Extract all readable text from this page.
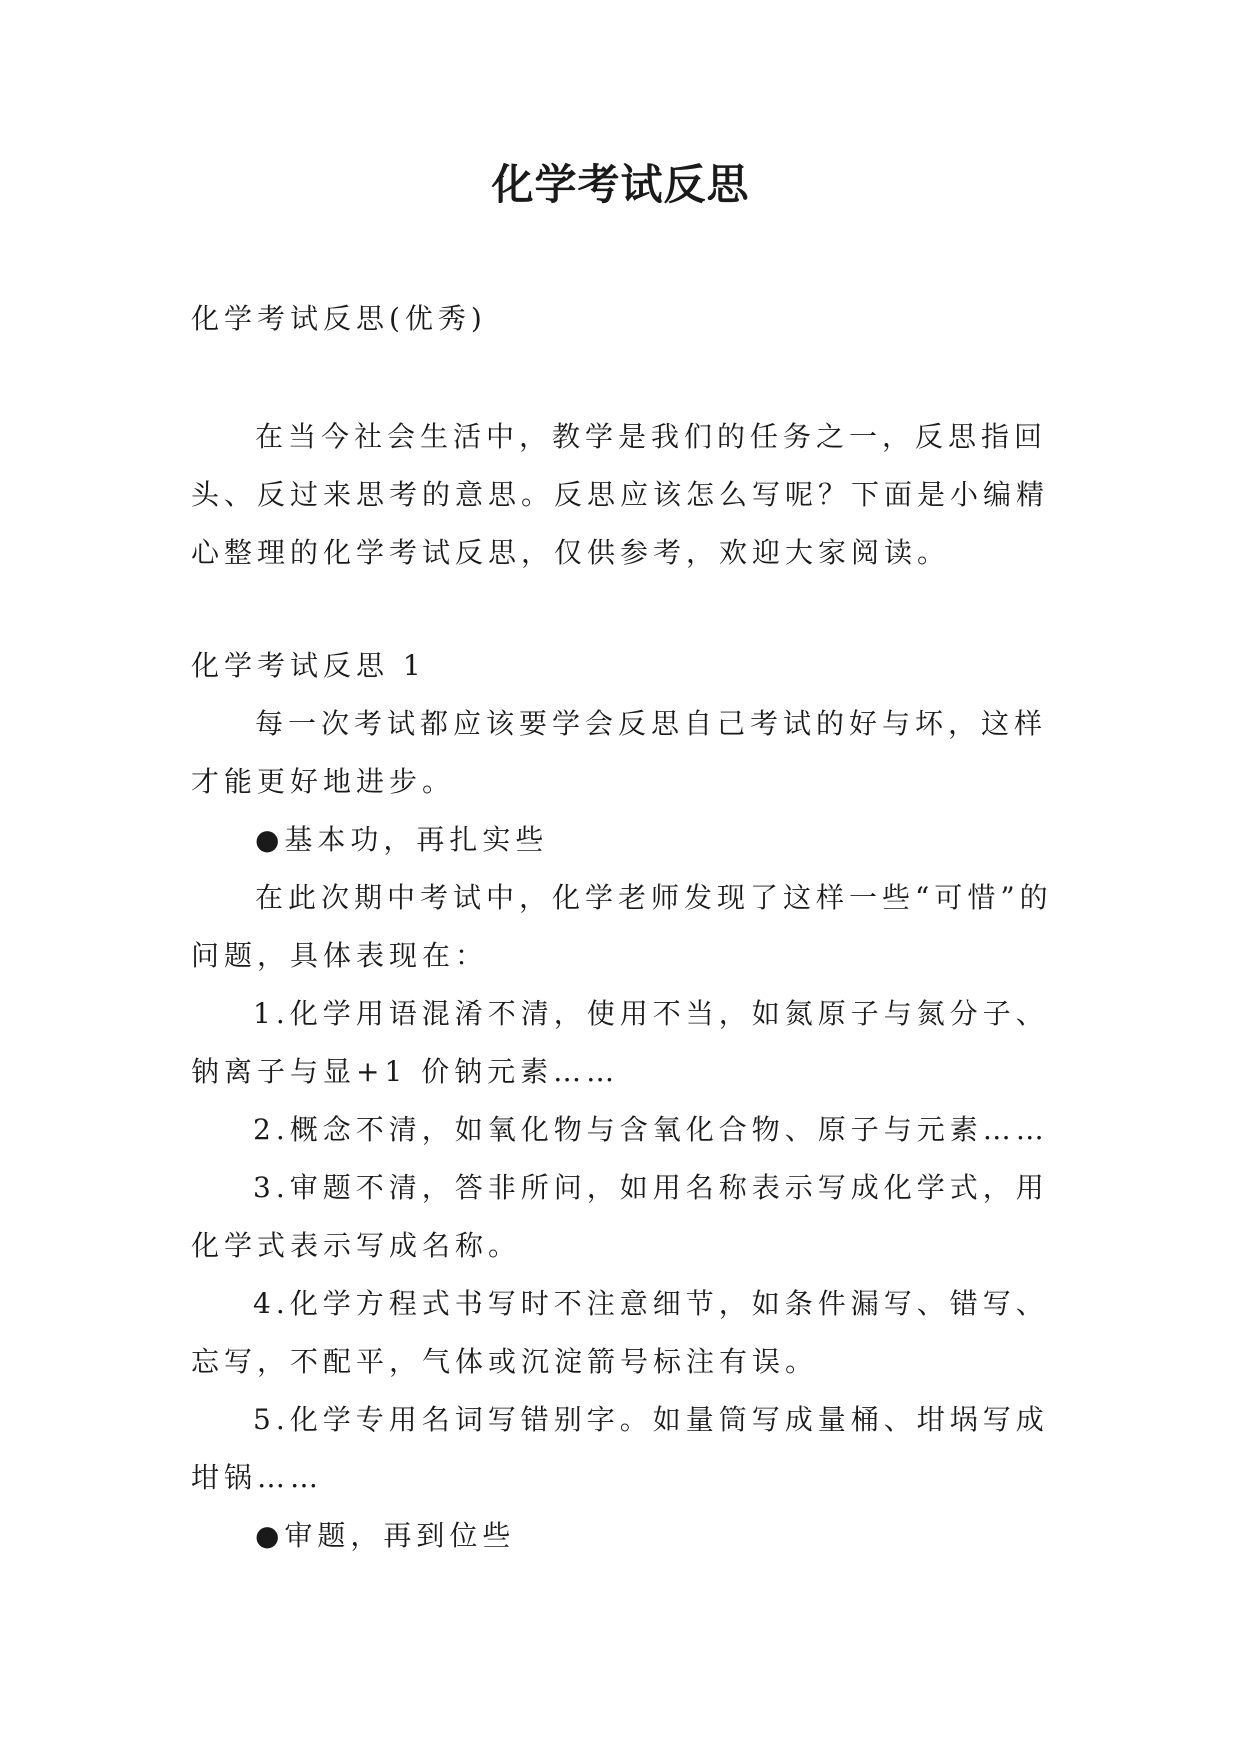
化学考试反思

化学考试反思(优秀)

在当今社会生活中，教学是我们的任务之一，反思指回头、反过来思考的意思。反思应该怎么写呢？下面是小编精心整理的化学考试反思，仅供参考，欢迎大家阅读。

化学考试反思 1

每一次考试都应该要学会反思自己考试的好与坏，这样才能更好地进步。

●基本功，再扎实些

在此次期中考试中，化学老师发现了这样一些“可惜”的问题，具体表现在：

1.化学用语混淆不清，使用不当，如氮原子与氮分子、钠离子与显+1 价钠元素……

2.概念不清，如氧化物与含氧化合物、原子与元素……

3.审题不清，答非所问，如用名称表示写成化学式，用化学式表示写成名称。

4.化学方程式书写时不注意细节，如条件漏写、错写、忘写，不配平，气体或沉淀箭号标注有误。

5.化学专用名词写错别字。如量筒写成量桶、坩埚写成坩锅……

●审题，再到位些
